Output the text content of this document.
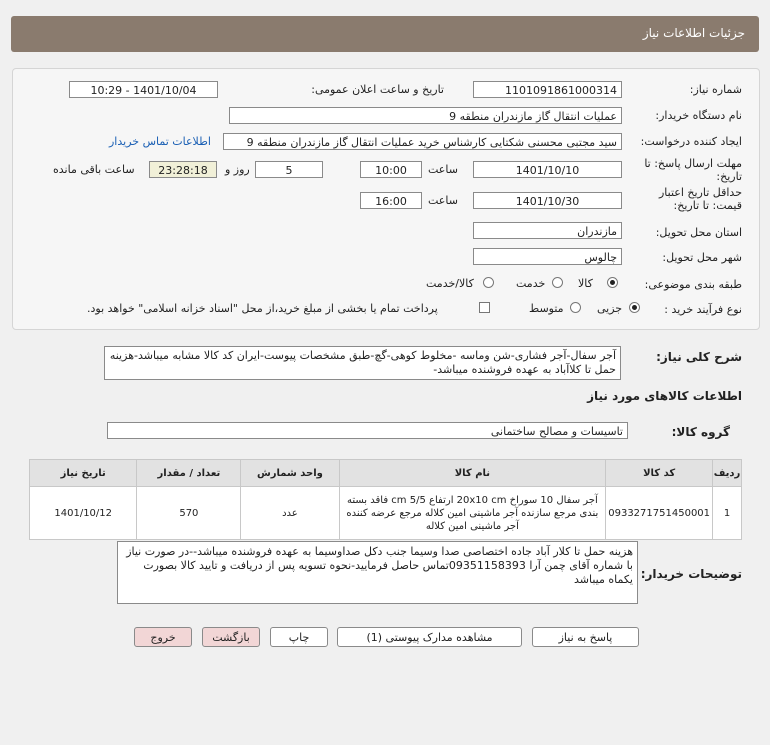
جزئیات اطلاعات نیاز
شماره نیاز:
1101091861000314
تاریخ و ساعت اعلان عمومی:
1401/10/04 - 10:29
نام دستگاه خریدار:
عملیات انتقال گاز مازندران منطقه 9
ایجاد کننده درخواست:
سید مجتبی محسنی شکتایی کارشناس خرید عملیات انتقال گاز مازندران منطقه 9
اطلاعات تماس خریدار
مهلت ارسال پاسخ: تا
تاریخ:
1401/10/10
ساعت
10:00
5
روز و
23:28:18
ساعت باقی مانده
حداقل تاریخ اعتبار
قیمت: تا تاریخ:
1401/10/30
ساعت
16:00
استان محل تحویل:
مازندران
شهر محل تحویل:
چالوس
طبقه بندی موضوعی:
کالا
خدمت
کالا/خدمت
نوع فرآیند خرید :
جزیی
متوسط
پرداخت تمام یا بخشی از مبلغ خرید،از محل "اسناد خزانه اسلامی" خواهد بود.
شرح کلی نیاز:
آجر سفال-آجر فشاری-شن وماسه -مخلوط کوهی-گچ-طبق مشخصات پیوست-ایران کد کالا مشابه میباشد-هزینه حمل تا کلاآباد به عهده فروشنده میباشد-
اطلاعات کالاهای مورد نیاز
گروه کالا:
تاسیسات و مصالح ساختمانی
ردیف	کد کالا	نام کالا	واحد شمارش	تعداد / مقدار	تاریخ نیاز
1	0933271751450001	آجر سفال 10 سوراخ 20x10 cm ارتفاع 5/5 cm فاقد بسته بندی مرجع سازنده آجر ماشینی امین کلاله مرجع عرضه کننده آجر ماشینی امین کلاله	عدد	570	1401/10/12
توضیحات خریدار:
هزینه حمل تا کلار آباد جاده اختصاصی صدا وسیما جنب دکل صداوسیما به عهده فروشنده میباشد--در صورت نیاز با شماره آقای چمن آرا 09351158393تماس حاصل فرمایید-نحوه تسویه پس از دریافت و تایید کالا بصورت یکماه میباشد
پاسخ به نیاز
مشاهده مدارک پیوستی (1)
چاپ
بازگشت
خروج
